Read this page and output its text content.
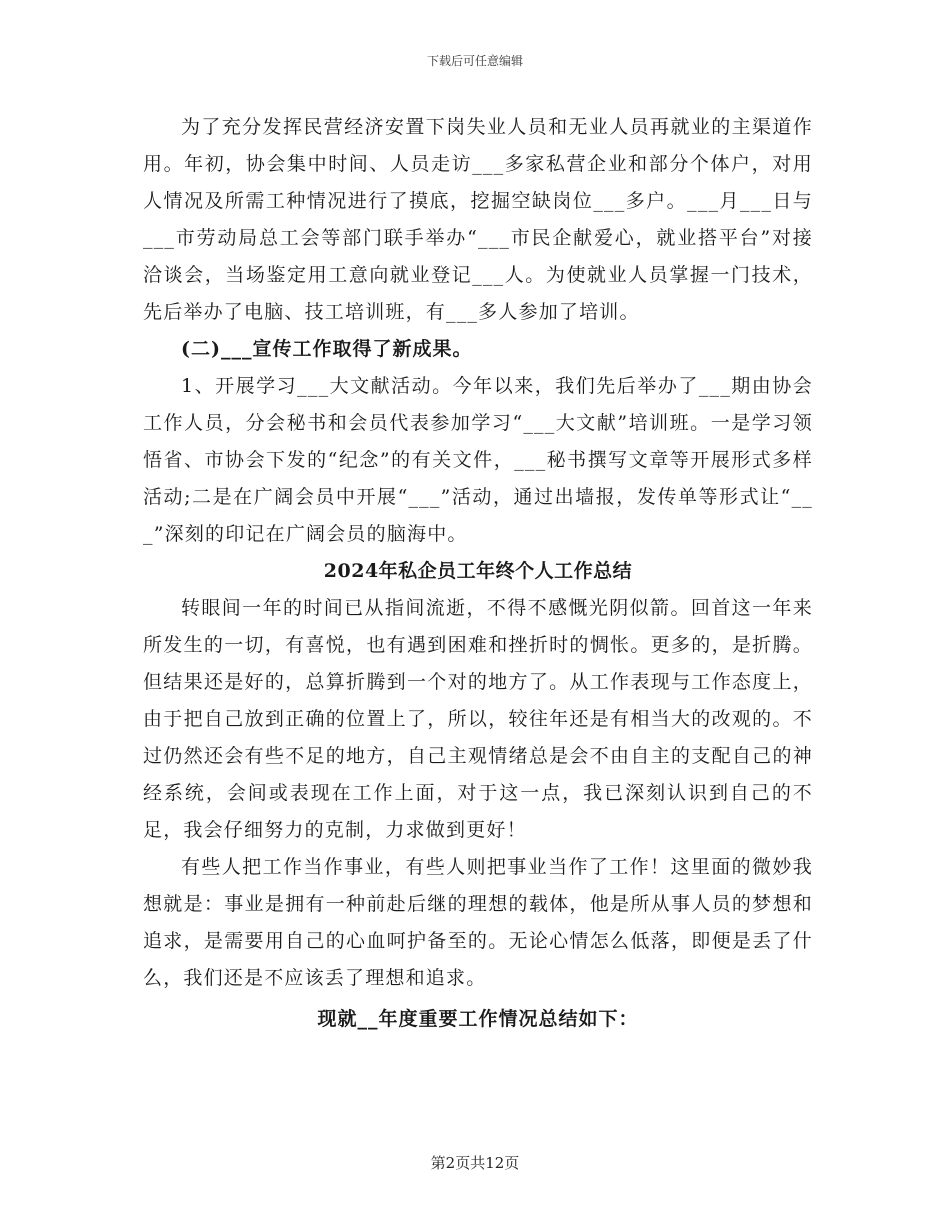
下载后可任意编辑

为了充分发挥民营经济安置下岗失业人员和无业人员再就业的主渠道作用。年初，协会集中时间、人员走访___多家私营企业和部分个体户，对用人情况及所需工种情况进行了摸底，挖掘空缺岗位___多户。___月___日与___市劳动局总工会等部门联手举办“___市民企献爱心，就业搭平台”对接洽谈会，当场鉴定用工意向就业登记___人。为使就业人员掌握一门技术，先后举办了电脑、技工培训班，有___多人参加了培训。

(二)___宣传工作取得了新成果。

1、开展学习___大文献活动。今年以来，我们先后举办了___期由协会工作人员，分会秘书和会员代表参加学习“___大文献”培训班。一是学习领悟省、市协会下发的“纪念”的有关文件，___秘书撰写文章等开展形式多样活动;二是在广阔会员中开展“___”活动，通过出墙报，发传单等形式让“___”深刻的印记在广阔会员的脑海中。

2024年私企员工年终个人工作总结

转眼间一年的时间已从指间流逝，不得不感慨光阴似箭。回首这一年来所发生的一切，有喜悦，也有遇到困难和挫折时的惆怅。更多的，是折腾。但结果还是好的，总算折腾到一个对的地方了。从工作表现与工作态度上，由于把自己放到正确的位置上了，所以，较往年还是有相当大的改观的。不过仍然还会有些不足的地方，自己主观情绪总是会不由自主的支配自己的神经系统，会间或表现在工作上面，对于这一点，我已深刻认识到自己的不足，我会仔细努力的克制，力求做到更好！

有些人把工作当作事业，有些人则把事业当作了工作！这里面的微妙我想就是：事业是拥有一种前赴后继的理想的载体，他是所从事人员的梦想和追求，是需要用自己的心血呵护备至的。无论心情怎么低落，即便是丢了什么，我们还是不应该丢了理想和追求。

现就__年度重要工作情况总结如下：

第2页共12页
